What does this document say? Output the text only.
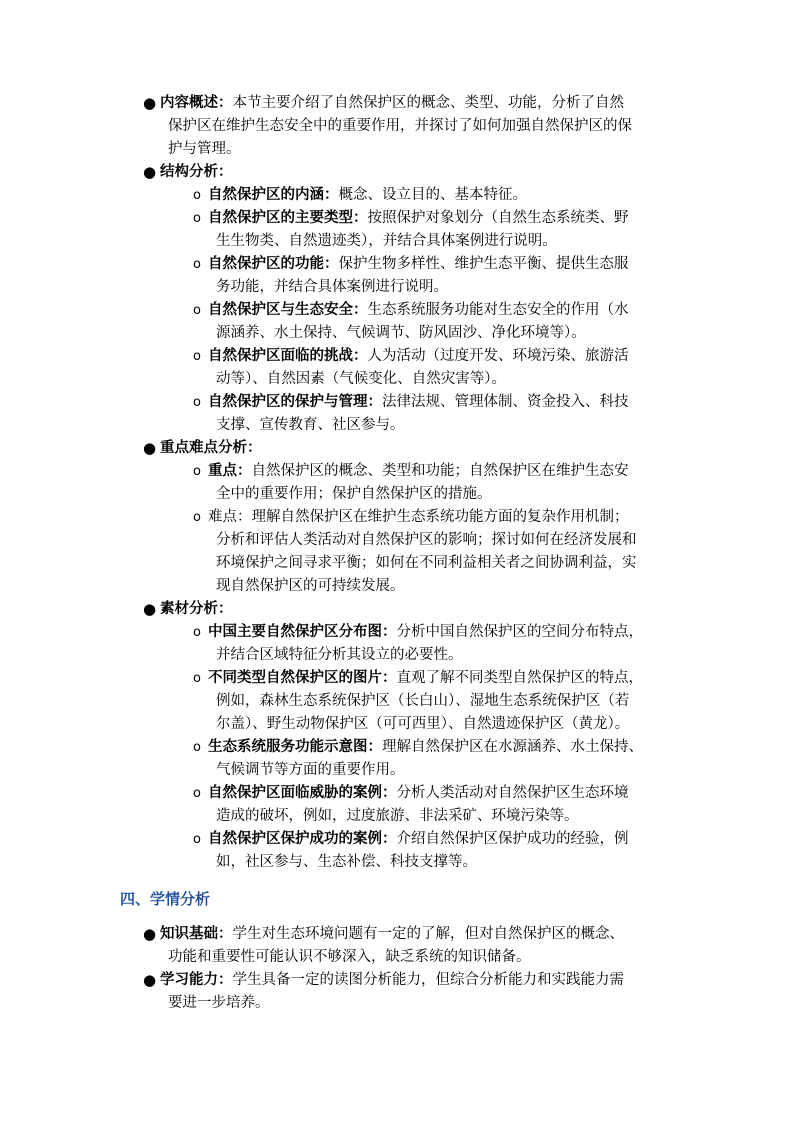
● 内容概述：本节主要介绍了自然保护区的概念、类型、功能，分析了自然

保护区在维护生态安全中的重要作用，并探讨了如何加强自然保护区的保
护与管理。
● 结构分析：
o 自然保护区的内涵：概念、设立目的、基本特征。
o 自然保护区的主要类型：按照保护对象划分（自然生态系统类、野
生生物类、自然遗迹类），并结合具体案例进行说明。
o 自然保护区的功能：保护生物多样性、维护生态平衡、提供生态服
务功能，并结合具体案例进行说明。
o 自然保护区与生态安全：生态系统服务功能对生态安全的作用（水
源涵养、水土保持、气候调节、防风固沙、净化环境等）。
o 自然保护区面临的挑战：人为活动（过度开发、环境污染、旅游活
动等）、自然因素（气候变化、自然灾害等）。
o 自然保护区的保护与管理：法律法规、管理体制、资金投入、科技
支撑、宣传教育、社区参与。
● 重点难点分析：
o 重点：自然保护区的概念、类型和功能；自然保护区在维护生态安
全中的重要作用；保护自然保护区的措施。
o 难点：理解自然保护区在维护生态系统功能方面的复杂作用机制；
分析和评估人类活动对自然保护区的影响；探讨如何在经济发展和
环境保护之间寻求平衡；如何在不同利益相关者之间协调利益，实
现自然保护区的可持续发展。
● 素材分析：
o 中国主要自然保护区分布图：分析中国自然保护区的空间分布特点，
并结合区域特征分析其设立的必要性。
o 不同类型自然保护区的图片：直观了解不同类型自然保护区的特点，
例如，森林生态系统保护区（长白山）、湿地生态系统保护区（若
尔盖）、野生动物保护区（可可西里）、自然遗迹保护区（黄龙）。
o 生态系统服务功能示意图：理解自然保护区在水源涵养、水土保持、
气候调节等方面的重要作用。
o 自然保护区面临威胁的案例：分析人类活动对自然保护区生态环境
造成的破坏，例如，过度旅游、非法采矿、环境污染等。
o 自然保护区保护成功的案例：介绍自然保护区保护成功的经验，例
如，社区参与、生态补偿、科技支撑等。
四、学情分析
● 知识基础：学生对生态环境问题有一定的了解，但对自然保护区的概念、

功能和重要性可能认识不够深入，缺乏系统的知识储备。
● 学习能力：学生具备一定的读图分析能力，但综合分析能力和实践能力需

要进一步培养。
